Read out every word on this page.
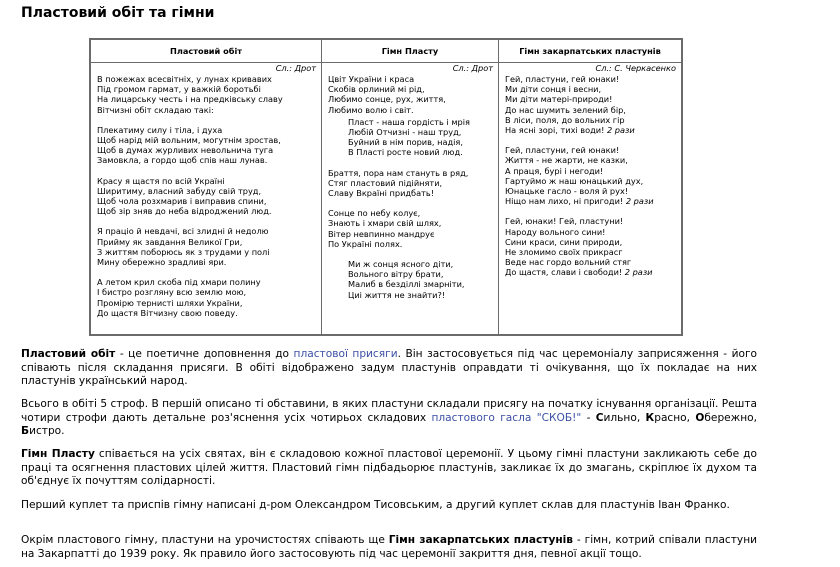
Пластовий обіт та гімни
Пластовий обіт
Сл.: Дрот
В пожежах всесвітніх, у лунах кривавих
Під громом гармат, у важкій боротьбі
На лицарську честь і на предківську славу
Вітчизні обіт складаю такі:
Плекатиму силу і тіла, і духа
Щоб нарід мій вольним, могутнім зростав,
Щоб в думах журливих невольнича туга
Замовкла, а гордо щоб спів наш лунав.
Красу я щастя по всій Україні
Ширитиму, власний забуду свій труд,
Щоб чола розхмарив і виправив спини,
Щоб зір зняв до неба відроджений люд.
Я праціо й невдачі, всі злидні й недолю
Прийму як завдання Великої Гри,
З життям поборюсь як з трудами у полі
Мину обережно зрадливі яри.
А летом крил скоба під хмари полину
І бистро розгляну всю землю мою,
Промірю тернисті шляхи України,
До щастя Вітчизну свою поведу.
Гімн Пласту
Сл.: Дрот
Цвіт України і краса
Скобів орлиний мі рід,
Любимо сонце, рух, життя,
Любимо волю і світ.
Пласт - наша гордість і мрія
Любій Отчизні - наш труд,
Буйний в нім порив, надія,
В Пласті росте новий люд.
Браття, пора нам стануть в ряд,
Стяг пластовий підійняти,
Славу Вкраїні придбать!
Сонце по небу колує,
Знають і хмари свій шлях,
Вітер невпинно мандрує
По Україні полях.
Ми ж сонця ясного діти,
Вольного вітру брати,
Малиб в безділлі змарніти,
Циі життя не знайти?!
Гімн закарпатських пластунів
Сл.: С. Черкасенко
Гей, пластуни, гей юнаки!
Ми діти сонця і весни,
Ми діти матері-природи!
До нас шумить зелений бір,
В ліси, поля, до вольних гір
На ясні зорі, тихі води! 2 рази
Гей, пластуни, гей юнаки!
Життя - не жарти, не казки,
А праця, бурі і негоди!
Гартуймо ж наш юнацький дух,
Юнацьке гасло - воля й рух!
Ніщо нам лихо, ні пригоди! 2 рази
Гей, юнаки! Гей, пластуни!
Народу вольного сини!
Сини краси, сини природи,
Не зломимо своїх прикрасг
Веде нас гордо вольний стяг
До щастя, слави і свободи! 2 рази

Пластовий обіт - це поетичне доповнення до пластової присяги. Він застосовується під час церемоніалу заприсяження - його співають після складання присяги. В обіті відображено задум пластунів оправдати ті очікування, що їх покладає на них пластунів український народ.

Всього в обіті 5 строф. В першій описано ті обставини, в яких пластуни складали присягу на початку існування організації. Решта чотири строфи дають детальне роз'яснення усіх чотирьох складових пластового гасла "СКОБ!" - Сильно, Красно, Обережно, Бистро.

Гімн Пласту співається на усіх святах, він є складовою кожної пластової церемонії. У цьому гімні пластуни закликають себе до праці та осягнення пластових цілей життя. Пластовий гімн підбадьорює пластунів, закликає їх до змагань, скріплює їх духом та об'єднує їх почуттям солідарності.

Перший куплет та приспів гімну написані д-ром Олександром Тисовським, а другий куплет склав для пластунів Іван Франко.

Окрім пластового гімну, пластуни на урочистостях співають ще Гімн закарпатських пластунів - гімн, котрий співали пластуни на Закарпатті до 1939 року. Як правило його застосовують під час церемонії закриття дня, певної акції тощо.
